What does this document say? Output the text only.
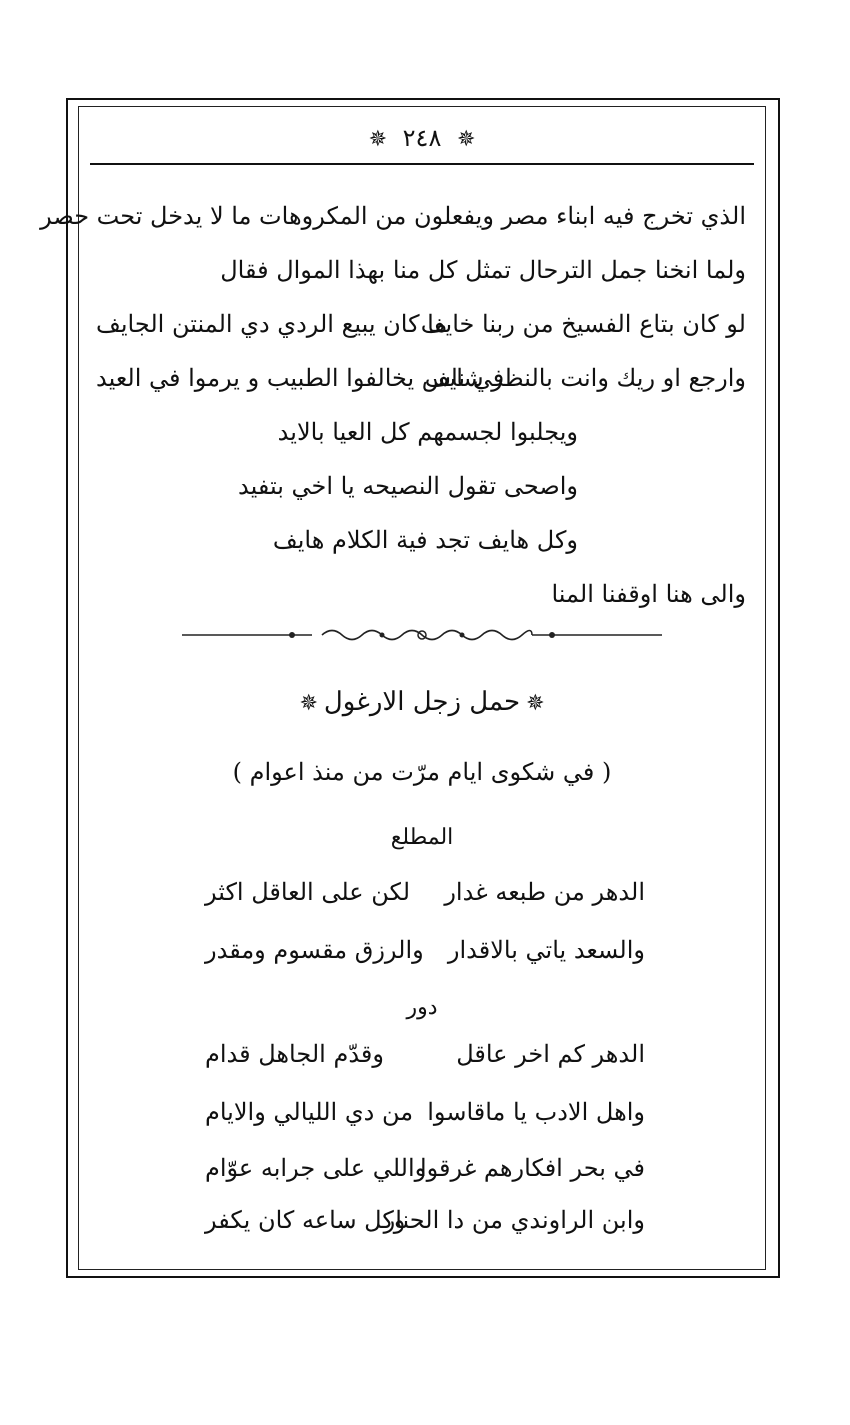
✵ ٢٤٨ ✵
الذي تخرج فيه ابناء مصر ويفعلون من المكروهات ما لا يدخل تحت حصر
ولما انخنا جمل الترحال تمثل كل منا بهذا الموال فقال
لو كان بتاع الفسيخ من ربنا خايف
ما كان يبيع الردي دي المنتن الجايف
وارجع او ريك وانت بالنظر شايف
في ناس يخالفوا الطبيب و يرموا في العيد
ويجلبوا لجسمهم كل العيا بالايد
واصحى تقول النصيحه يا اخي بتفيد
وكل هايف تجد فية الكلام هايف
والى هنا اوقفنا المنا
✵حمل زجل الارغول✵
( في شكوى ايام مرّت من منذ اعوام )
المطلع
الدهر من طبعه غدار
لكن على العاقل اكثر
والسعد ياتي بالاقدار
والرزق مقسوم ومقدر
دور
الدهر كم اخر عاقل
وقدّم الجاهل قدام
واهل الادب يا ماقاسوا
من دي الليالي والايام
في بحر افكارهم غرقوا
واللي على جرابه عوّام
وابن الراوندي من دا الحنار
وكل ساعه كان يكفر
